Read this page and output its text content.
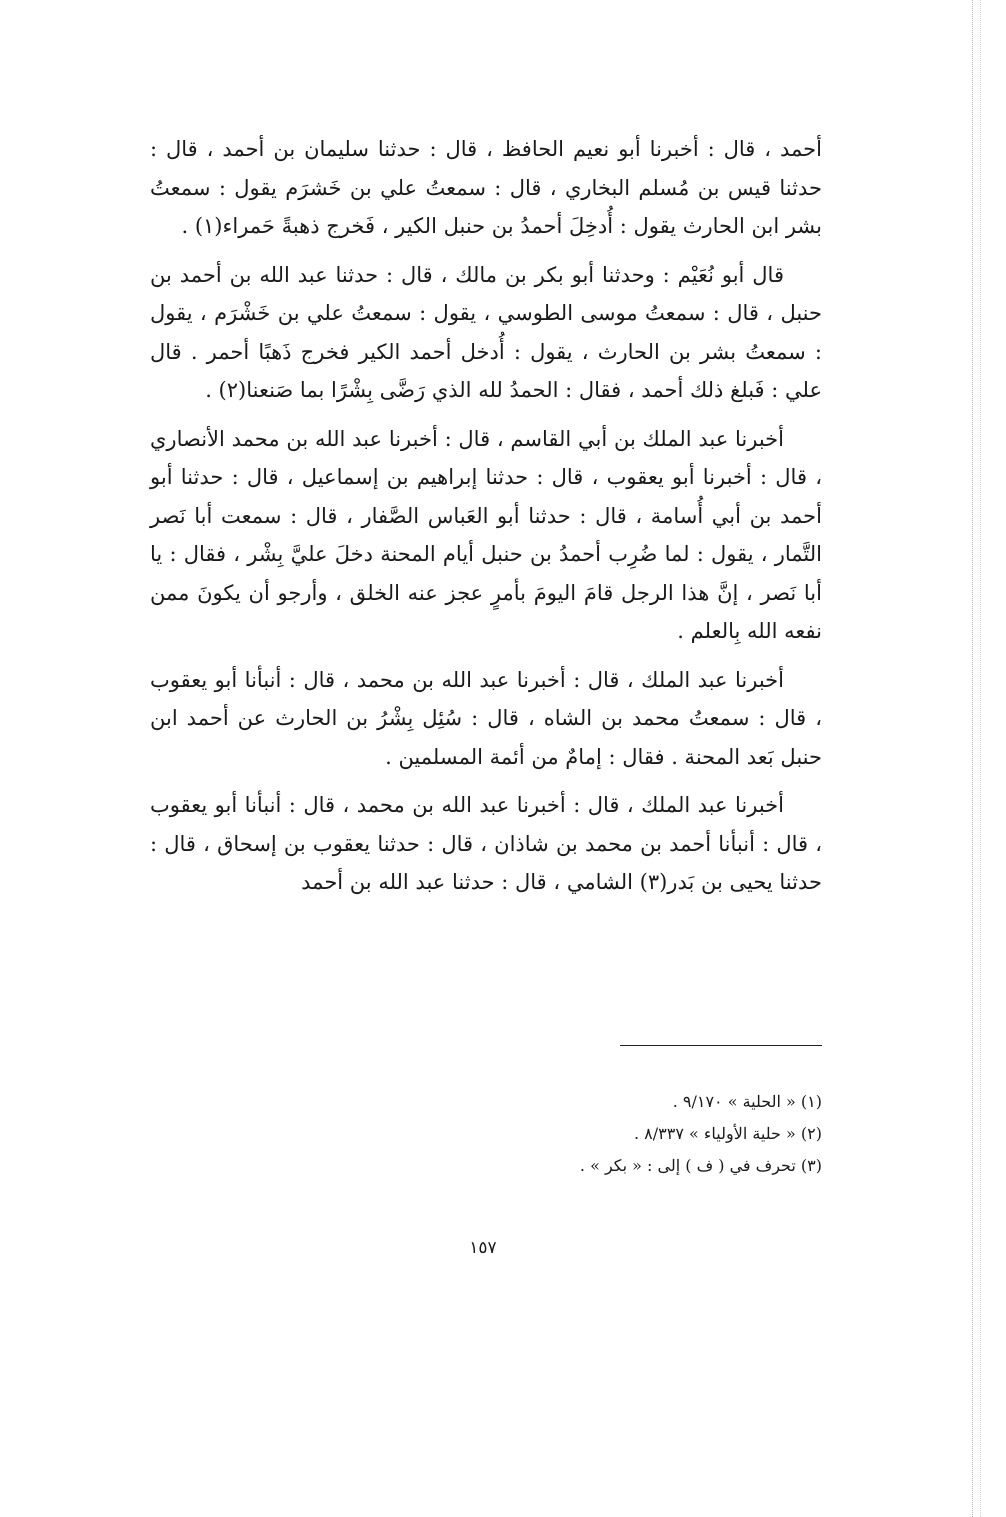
أحمد ، قال : أخبرنا أبو نعيم الحافظ ، قال : حدثنا سليمان بن أحمد ، قال : حدثنا قيس بن مُسلم البخاري ، قال : سمعتُ علي بن خَشرَم يقول : سمعتُ بشر ابن الحارث يقول : أُدخِلَ أحمدُ بن حنبل الكير ، فَخرج ذهبةً حَمراء(١) .

قال أبو نُعَيْم : وحدثنا أبو بكر بن مالك ، قال : حدثنا عبد الله بن أحمد بن حنبل ، قال : سمعتُ موسى الطوسي ، يقول : سمعتُ علي بن خَشْرَم ، يقول : سمعتُ بشر بن الحارث ، يقول : أُدخل أحمد الكير فخرج ذَهبًا أحمر . قال علي : فَبلغ ذلك أحمد ، فقال : الحمدُ لله الذي رَضَّى بِشْرًا بما صَنعنا(٢) .

أخبرنا عبد الملك بن أبي القاسم ، قال : أخبرنا عبد الله بن محمد الأنصاري ، قال : أخبرنا أبو يعقوب ، قال : حدثنا إبراهيم بن إسماعيل ، قال : حدثنا أبو أحمد بن أبي أُسامة ، قال : حدثنا أبو العَباس الصَّفار ، قال : سمعت أبا نَصر التَّمار ، يقول : لما ضُرِب أحمدُ بن حنبل أيام المحنة دخلَ عليَّ بِشْر ، فقال : يا أبا نَصر ، إنَّ هذا الرجل قامَ اليومَ بأمرٍ عجز عنه الخلق ، وأرجو أن يكونَ ممن نفعه الله بِالعلم .

أخبرنا عبد الملك ، قال : أخبرنا عبد الله بن محمد ، قال : أنبأنا أبو يعقوب ، قال : سمعتُ محمد بن الشاه ، قال : سُئِل بِشْرُ بن الحارث عن أحمد ابن حنبل بَعد المحنة . فقال : إمامٌ من أئمة المسلمين .

أخبرنا عبد الملك ، قال : أخبرنا عبد الله بن محمد ، قال : أنبأنا أبو يعقوب ، قال : أنبأنا أحمد بن محمد بن شاذان ، قال : حدثنا يعقوب بن إسحاق ، قال : حدثنا يحيى بن بَدر(٣) الشامي ، قال : حدثنا عبد الله بن أحمد

(١) « الحلية » ٩/١٧٠ .

(٢) « حلية الأولياء » ٨/٣٣٧ .

(٣) تحرف في ( ف ) إلى : « بكر » .

١٥٧
